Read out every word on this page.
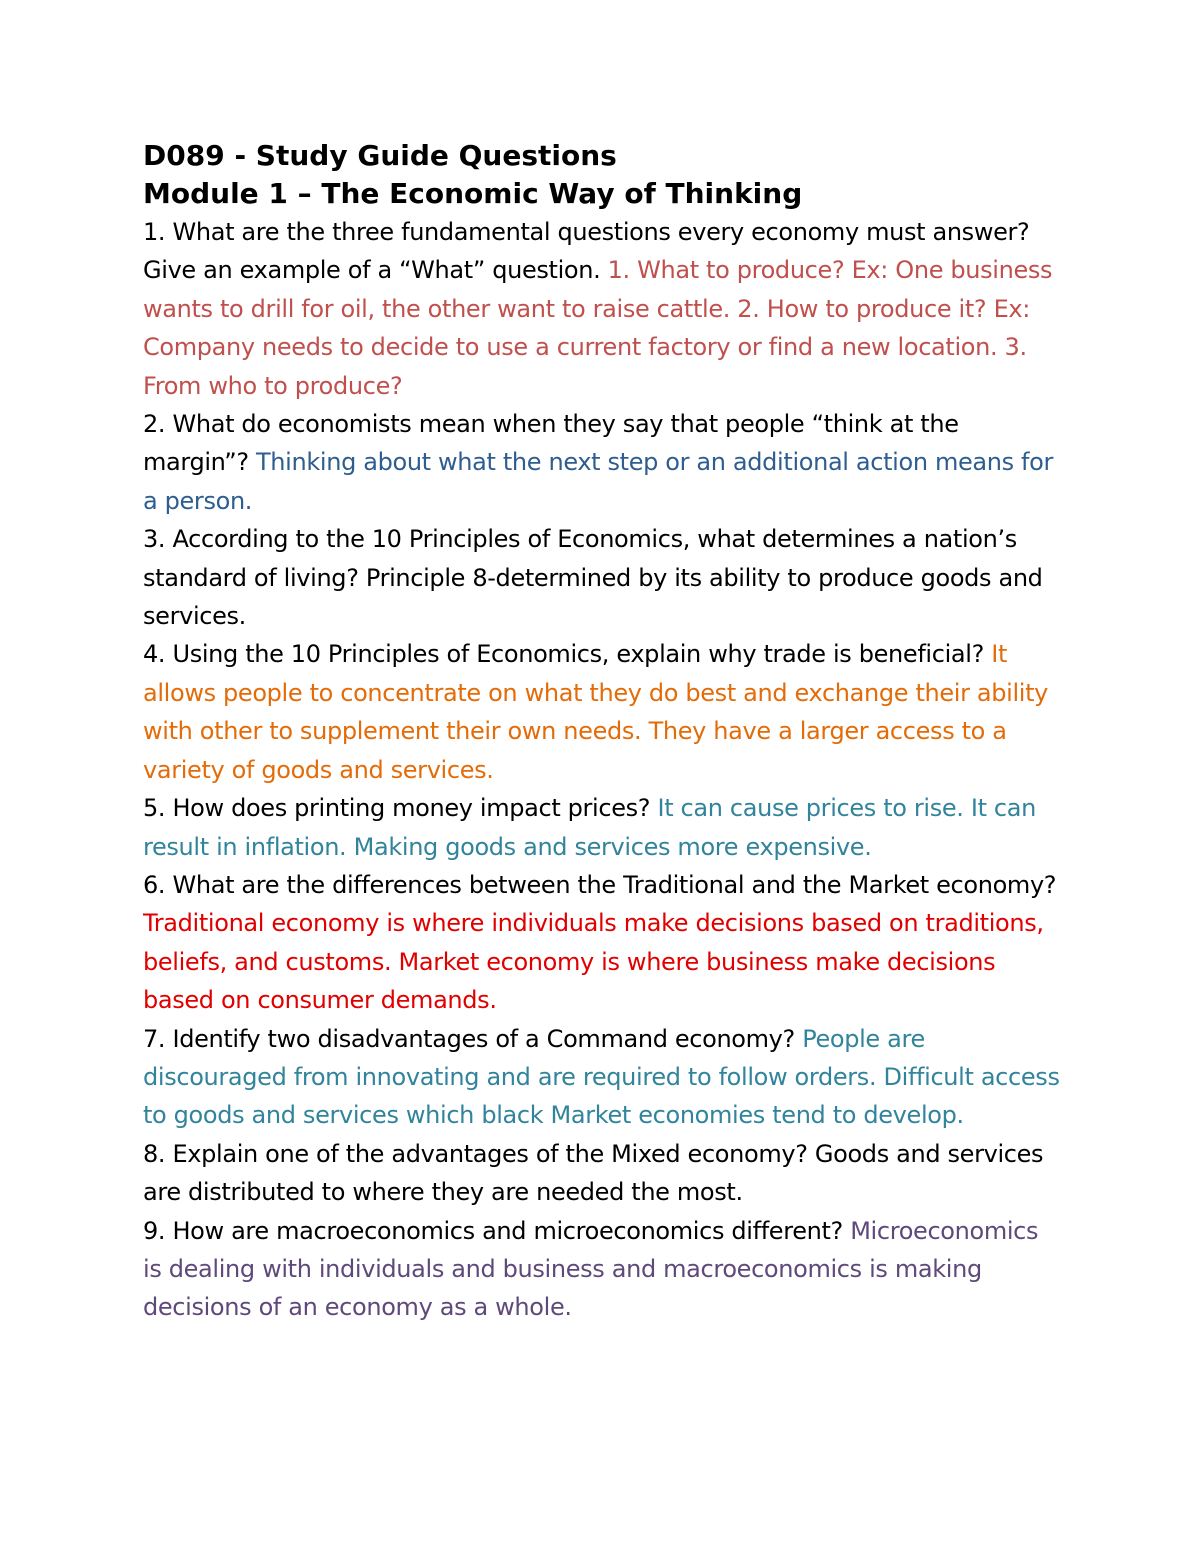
D089 - Study Guide Questions
Module 1 – The Economic Way of Thinking

1. What are the three fundamental questions every economy must answer? Give an example of a “What” question. 1. What to produce? Ex: One business wants to drill for oil, the other want to raise cattle. 2. How to produce it? Ex: Company needs to decide to use a current factory or find a new location. 3. From who to produce?

2. What do economists mean when they say that people “think at the margin”? Thinking about what the next step or an additional action means for a person.

3. According to the 10 Principles of Economics, what determines a nation’s standard of living? Principle 8-determined by its ability to produce goods and services.

4. Using the 10 Principles of Economics, explain why trade is beneficial? It allows people to concentrate on what they do best and exchange their ability with other to supplement their own needs. They have a larger access to a variety of goods and services.

5. How does printing money impact prices? It can cause prices to rise. It can result in inflation. Making goods and services more expensive.

6. What are the differences between the Traditional and the Market economy? Traditional economy is where individuals make decisions based on traditions, beliefs, and customs. Market economy is where business make decisions based on consumer demands.

7. Identify two disadvantages of a Command economy? People are discouraged from innovating and are required to follow orders. Difficult access to goods and services which black Market economies tend to develop.

8. Explain one of the advantages of the Mixed economy? Goods and services are distributed to where they are needed the most.

9. How are macroeconomics and microeconomics different? Microeconomics is dealing with individuals and business and macroeconomics is making decisions of an economy as a whole.
